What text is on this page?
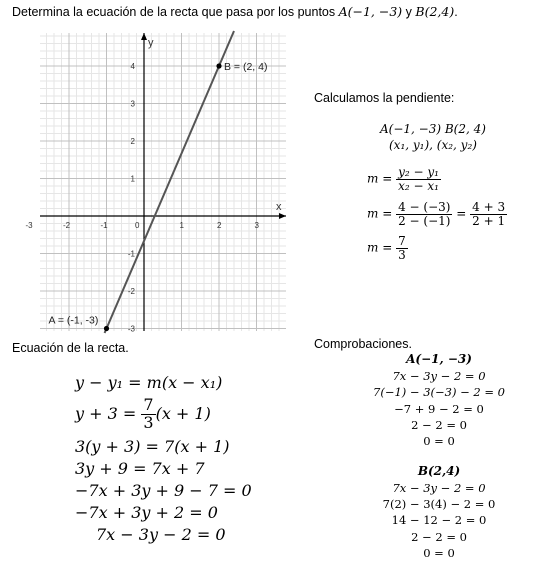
Determina la ecuación de la recta que pasa por los puntos A(−1, −3) y B(2,4).
x
y
-3	-2	-1	0	1	2	3
4
3
2
1
-1
-2
-3
A = (-1, -3)
B = (2, 4)
Calculamos la pendiente:
A(−1, −3) B(2, 4)
(x₁, y₁), (x₂, y₂)
$m = \frac{\text{y₂ − y₁}}{\text{x₂ − x₁}}$
$m = \frac{4 - (-3)}{2 - (-1)} = \frac{4 + 3}{2 + 1}$
$m = \frac{7}{3}$
Ecuación de la recta.
y − y₁ = m(x − x₁)
$y + 3 = \frac{7}{3} (x + 1)$
3(y + 3) = 7(x + 1)
3y + 9 = 7x + 7
−7x + 3y + 9 − 7 = 0
−7x + 3y + 2 = 0
7x − 3y − 2 = 0
Comprobaciones.
A(−1, −3)
7x − 3y − 2 = 0
7(−1) − 3(−3) − 2 = 0
−7 + 9 − 2 = 0
2 − 2 = 0
0 = 0
B(2,4)
7x − 3y − 2 = 0
7(2) − 3(4) − 2 = 0
14 − 12 − 2 = 0
2 − 2 = 0
0 = 0
